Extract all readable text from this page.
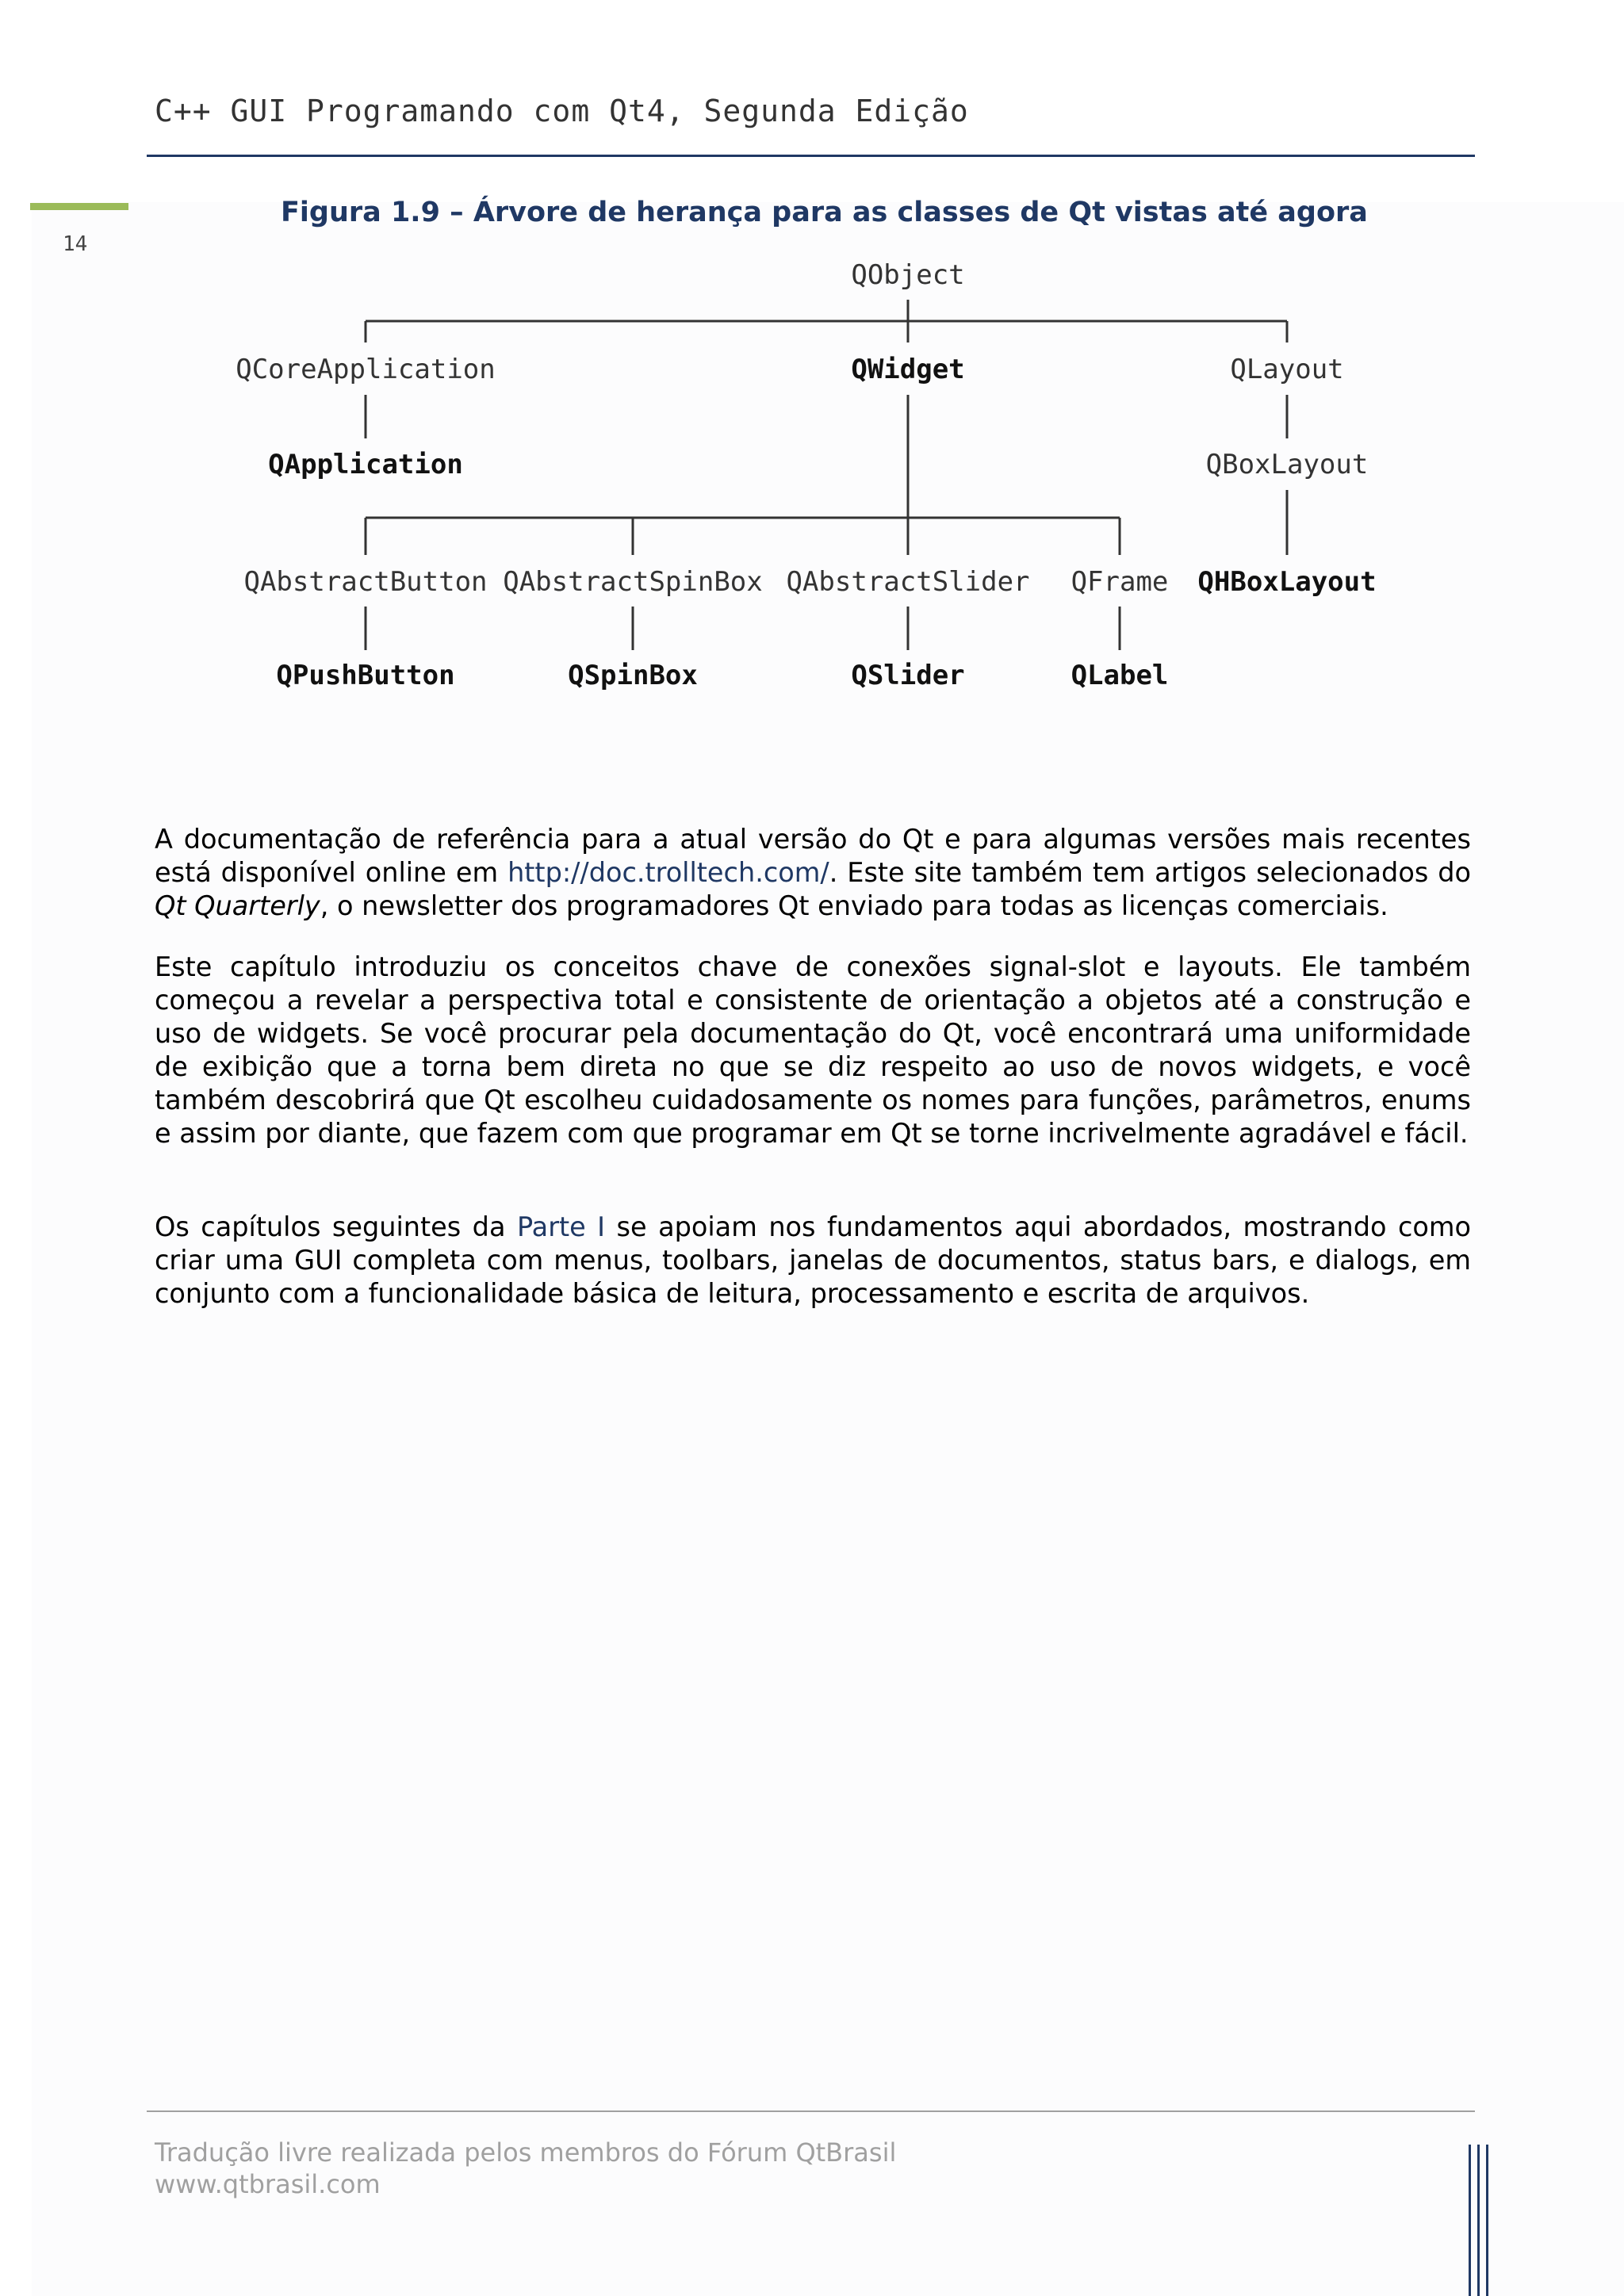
C++ GUI Programando com Qt4, Segunda Edição
14
Figura 1.9 – Árvore de herança para as classes de Qt vistas até agora
QObject
QCoreApplication	QWidget	QLayout
QApplication	QBoxLayout
QAbstractButton QAbstractSpinBox QAbstractSlider QFrame QHBoxLayout
QPushButton	QSpinBox	QSlider	QLabel

A documentação de referência para a atual versão do Qt e para algumas versões mais recentes está disponível online em http://doc.trolltech.com/. Este site também tem artigos selecionados do Qt Quarterly, o newsletter dos programadores Qt enviado para todas as licenças comerciais.

Este capítulo introduziu os conceitos chave de conexões signal-slot e layouts. Ele também começou a revelar a perspectiva total e consistente de orientação a objetos até a construção e uso de widgets. Se você procurar pela documentação do Qt, você encontrará uma uniformidade de exibição que a torna bem direta no que se diz respeito ao uso de novos widgets, e você também descobrirá que Qt escolheu cuidadosamente os nomes para funções, parâmetros, enums e assim por diante, que fazem com que programar em Qt se torne incrivelmente agradável e fácil.

Os capítulos seguintes da Parte I se apoiam nos fundamentos aqui abordados, mostrando como criar uma GUI completa com menus, toolbars, janelas de documentos, status bars, e dialogs, em conjunto com a funcionalidade básica de leitura, processamento e escrita de arquivos.

Tradução livre realizada pelos membros do Fórum QtBrasil
www.qtbrasil.com
